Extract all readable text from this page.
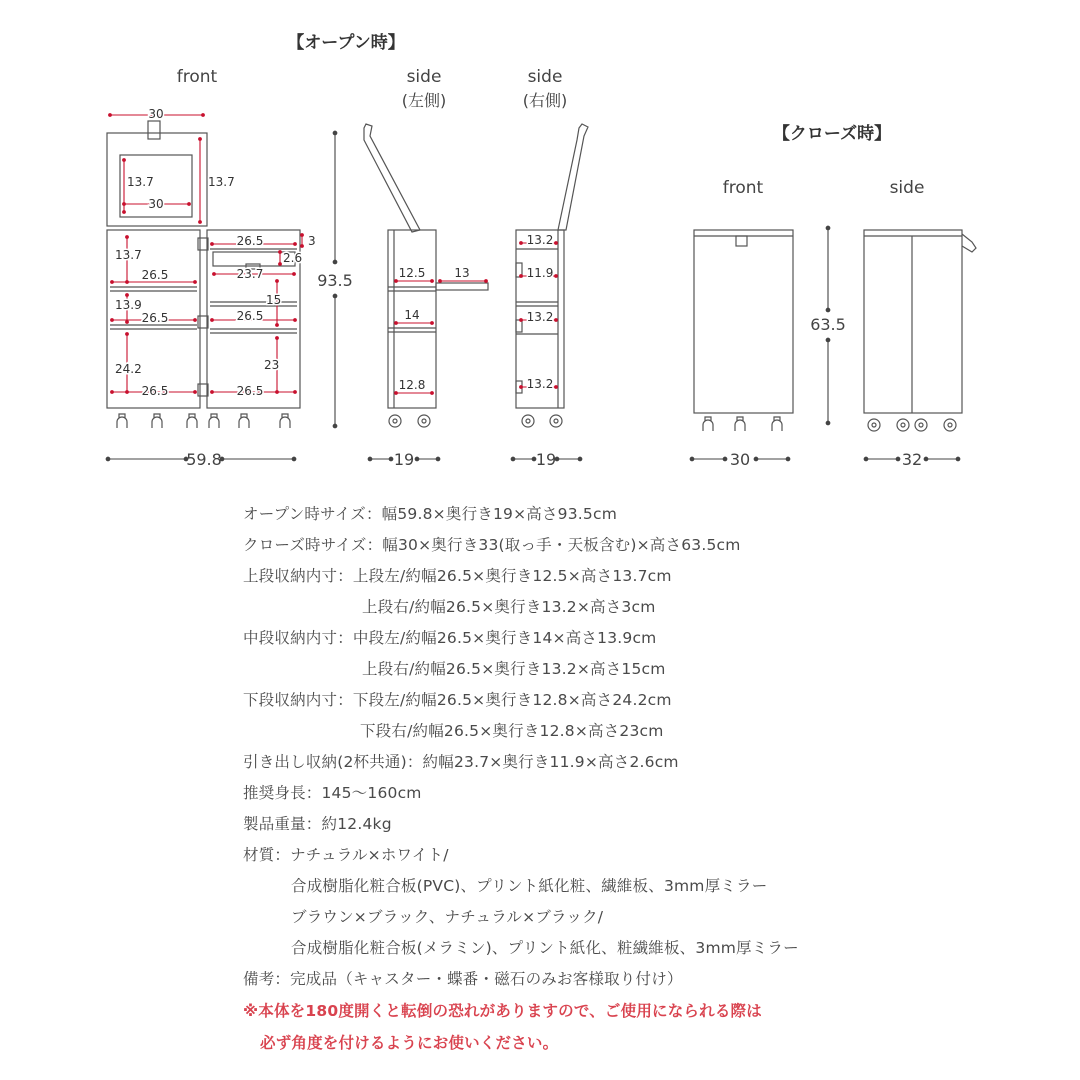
【オープン時】
【クローズ時】
front	side
(左側)
side
(右側)
front	side
30
13.7
30
13.7
13.7
26.5
26.5	3
2.6
23.7
13.9
26.5
15
26.5
24.2
26.5
23
26.5
59.8
93.5
19	19	30
63.5
32
12.5 13
14
12.8
13.2
11.9
13.2
13.2
オープン時サイズ：幅59.8×奥行き19×高さ93.5cm
クローズ時サイズ：幅30×奥行き33(取っ手・天板含む)×高さ63.5cm
上段収納内寸：上段左/約幅26.5×奥行き12.5×高さ13.7cm
上段右/約幅26.5×奥行き13.2×高さ3cm
中段収納内寸：中段左/約幅26.5×奥行き14×高さ13.9cm
上段右/約幅26.5×奥行き13.2×高さ15cm
下段収納内寸：下段左/約幅26.5×奥行き12.8×高さ24.2cm
下段右/約幅26.5×奥行き12.8×高さ23cm
引き出し収納(2杯共通)：約幅23.7×奥行き11.9×高さ2.6cm
推奨身長：145〜160cm
製品重量：約12.4kg
材質：ナチュラル×ホワイト/
合成樹脂化粧合板(PVC)、プリント紙化粧、繊維板、3mm厚ミラー
ブラウン×ブラック、ナチュラル×ブラック/
合成樹脂化粧合板(メラミン)、プリント紙化、粧繊維板、3mm厚ミラー
備考：完成品（キャスター・蝶番・磁石のみお客様取り付け）
※本体を180度開くと転倒の恐れがありますので、ご使用になられる際は
必ず角度を付けるようにお使いください。
